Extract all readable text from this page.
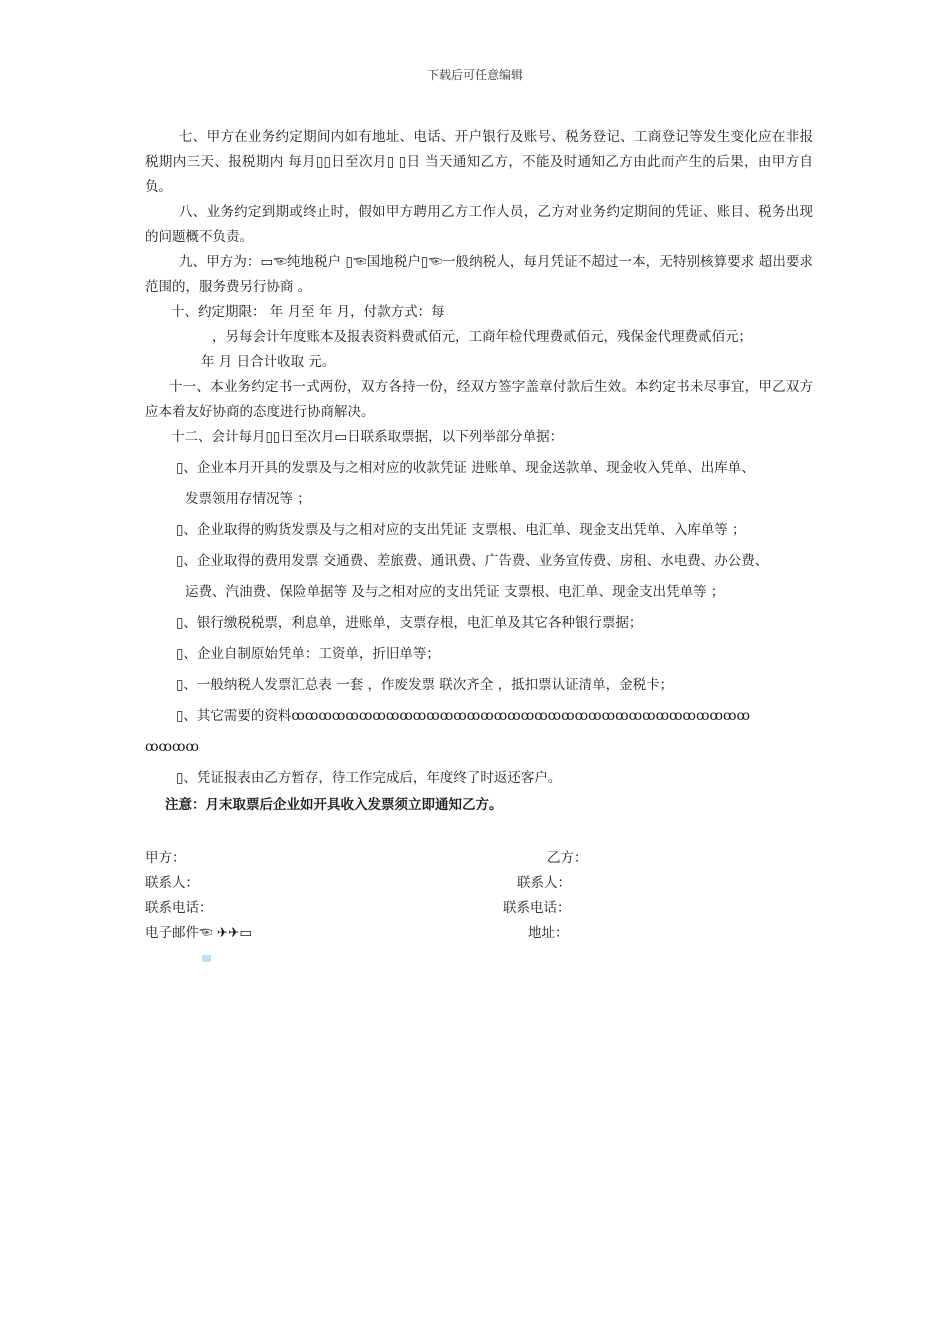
下载后可任意编辑

七、甲方在业务约定期间内如有地址、电话、开户银行及账号、税务登记、工商登记等发生变化应在非报税期内三天、报税期内 每月▯▯日至次月▯ ▯日 当天通知乙方，不能及时通知乙方由此而产生的后果，由甲方自负。

八、业务约定到期或终止时，假如甲方聘用乙方工作人员，乙方对业务约定期间的凭证、账目、税务出现的问题概不负责。

九、甲方为：▭☜纯地税户 ▯☜国地税户▯☜一般纳税人，每月凭证不超过一本，无特别核算要求 超出要求范围的，服务费另行协商 。

十、约定期限： 年 月至 年 月，付款方式：每

，另每会计年度账本及报表资料费贰佰元，工商年检代理费贰佰元，残保金代理费贰佰元；

年 月 日合计收取 元。

十一、本业务约定书一式两份，双方各持一份，经双方签字盖章付款后生效。本约定书未尽事宜，甲乙双方应本着友好协商的态度进行协商解决。

十二、会计每月▯▯日至次月▭日联系取票据，以下列举部分单据：

▯、企业本月开具的发票及与之相对应的收款凭证 进账单、现金送款单、现金收入凭单、出库单、

发票领用存情况等 ；

▯、企业取得的购货发票及与之相对应的支出凭证 支票根、电汇单、现金支出凭单、入库单等 ；

▯、企业取得的费用发票 交通费、差旅费、通讯费、广告费、业务宣传费、房租、水电费、办公费、

运费、汽油费、保险单据等 及与之相对应的支出凭证 支票根、电汇单、现金支出凭单等 ；

▯、银行缴税税票，利息单，进账单，支票存根，电汇单及其它各种银行票据；

▯、企业自制原始凭单：工资单，折旧单等；

▯、一般纳税人发票汇总表 一套 ，作废发票 联次齐全 ，抵扣票认证清单，金税卡；

▯、其它需要的资料ꝏꝏꝏꝏꝏꝏꝏꝏꝏꝏꝏꝏꝏꝏꝏꝏꝏꝏꝏꝏꝏꝏꝏꝏꝏꝏꝏꝏꝏꝏꝏꝏꝏꝏ

ꝏꝏꝏꝏ

▯、凭证报表由乙方暂存，待工作完成后，年度终了时返还客户。

注意：月末取票后企业如开具收入发票须立即通知乙方。

甲方：	乙方：
联系人：	联系人：
联系电话：	联系电话：
电子邮件☜ ✈✈▭	地址：
